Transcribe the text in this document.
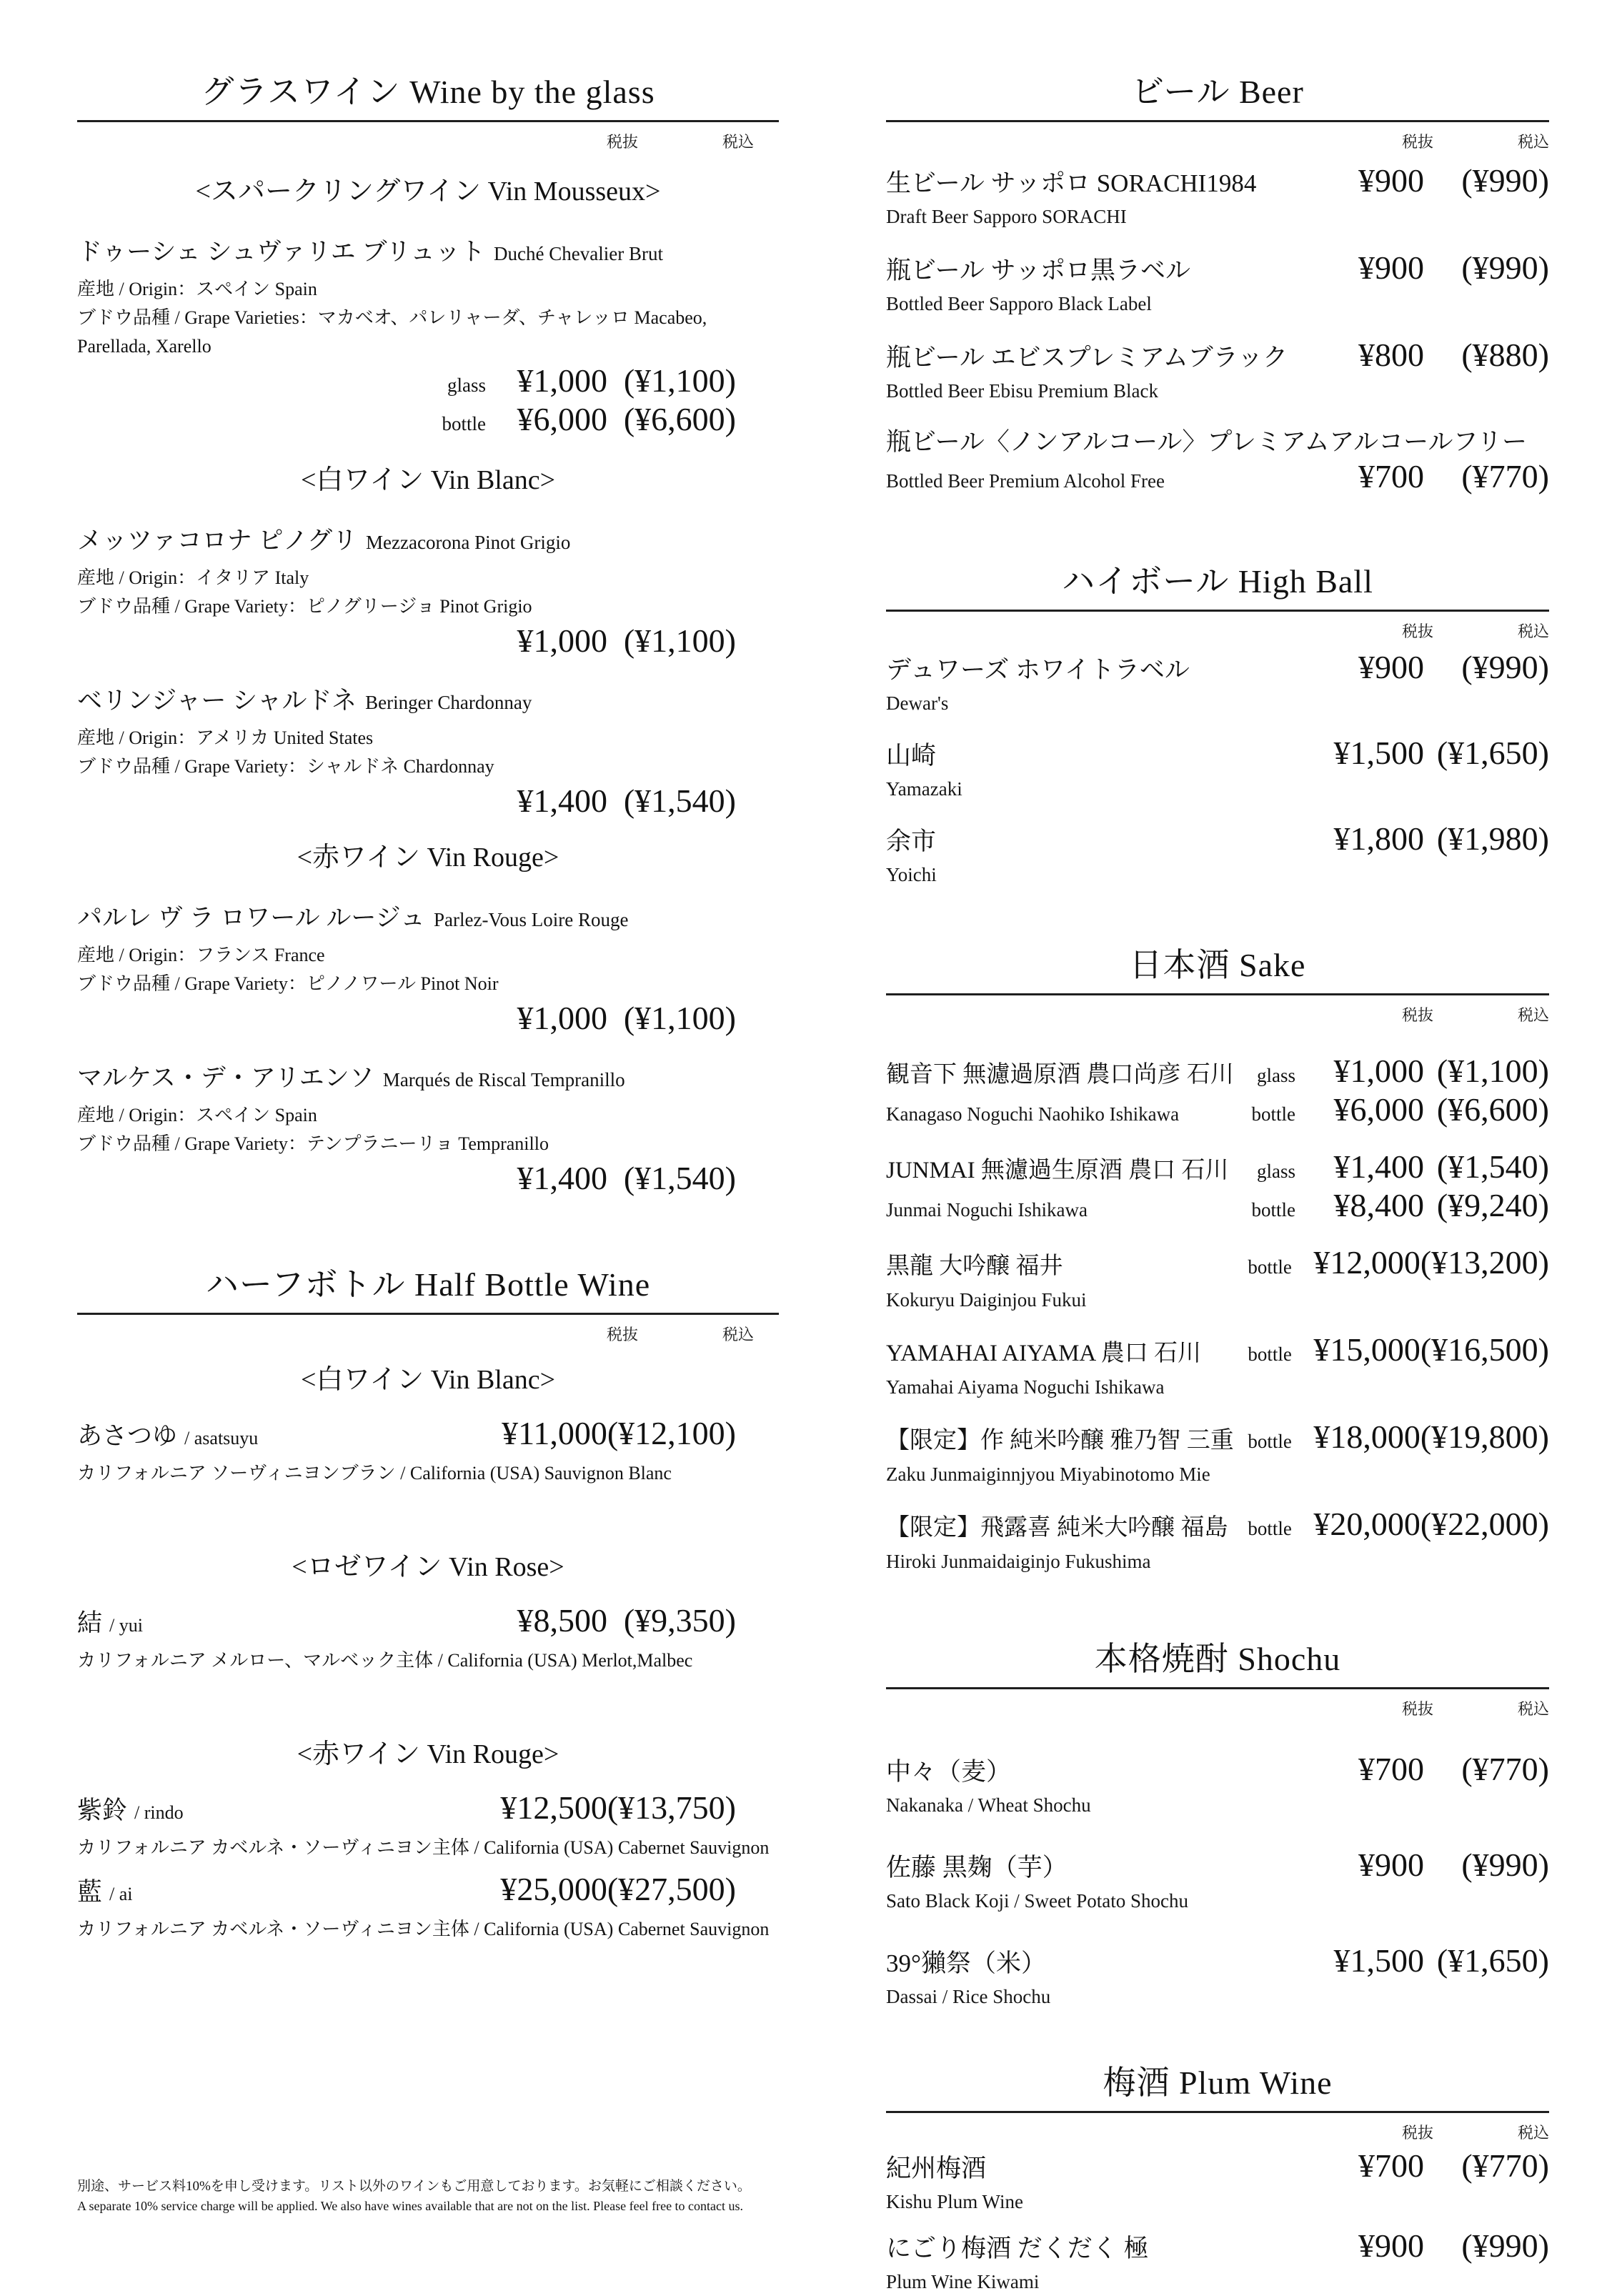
グラスワイン Wine by the glass
税抜	税込
<スパークリングワイン Vin Mousseux>
ドゥーシェ シュヴァリエ ブリュット Duché Chevalier Brut
産地 / Origin：スペイン Spain
ブドウ品種 / Grape Varieties：マカベオ、パレリャーダ、チャレッロ Macabeo,
Parellada, Xarello
glass ¥1,000 (¥1,100)
bottle ¥6,000 (¥6,600)
<白ワイン Vin Blanc>
メッツァコロナ ピノグリ Mezzacorona Pinot Grigio
産地 / Origin：イタリア Italy
ブドウ品種 / Grape Variety：ピノグリージョ Pinot Grigio
¥1,000 (¥1,100)
ベリンジャー シャルドネ Beringer Chardonnay
産地 / Origin：アメリカ United States
ブドウ品種 / Grape Variety：シャルドネ Chardonnay
¥1,400 (¥1,540)
<赤ワイン Vin Rouge>
パルレ ヴ ラ ロワール ルージュ Parlez-Vous Loire Rouge
産地 / Origin：フランス France
ブドウ品種 / Grape Variety：ピノノワール Pinot Noir
¥1,000 (¥1,100)
マルケス・デ・アリエンソ Marqués de Riscal Tempranillo
産地 / Origin：スペイン Spain
ブドウ品種 / Grape Variety：テンプラニーリョ Tempranillo
¥1,400 (¥1,540)
ハーフボトル Half Bottle Wine
税抜	税込
<白ワイン Vin Blanc>
あさつゆ / asatsuyu	¥11,000 (¥12,100)
カリフォルニア ソーヴィニヨンブラン / California (USA) Sauvignon Blanc
<ロゼワイン Vin Rose>
結 / yui	¥8,500 (¥9,350)
カリフォルニア メルロー、マルベック主体 / California (USA) Merlot,Malbec
<赤ワイン Vin Rouge>
紫鈴 / rindo	¥12,500 (¥13,750)
カリフォルニア カベルネ・ソーヴィニヨン主体 / California (USA) Cabernet Sauvignon
藍 / ai	¥25,000 (¥27,500)
カリフォルニア カベルネ・ソーヴィニヨン主体 / California (USA) Cabernet Sauvignon
ビール Beer
税抜	税込
生ビール サッポロ SORACHI1984	¥900	(¥990)
Draft Beer Sapporo SORACHI
瓶ビール サッポロ黒ラベル	¥900	(¥990)
Bottled Beer Sapporo Black Label
瓶ビール エビスプレミアムブラック	¥800	(¥880)
Bottled Beer Ebisu Premium Black
瓶ビール〈ノンアルコール〉プレミアムアルコールフリー
Bottled Beer Premium Alcohol Free	¥700	(¥770)
ハイボール High Ball
税抜	税込
デュワーズ ホワイトラベル	¥900	(¥990)
Dewar's
山崎	¥1,500 (¥1,650)
Yamazaki
余市	¥1,800 (¥1,980)
Yoichi
日本酒 Sake
税抜	税込
観音下 無濾過原酒 農口尚彦 石川	glass	¥1,000 (¥1,100)
Kanagaso Noguchi Naohiko Ishikawa	bottle	¥6,000 (¥6,600)
JUNMAI 無濾過生原酒 農口 石川	glass	¥1,400 (¥1,540)
Junmai Noguchi Ishikawa	bottle	¥8,400 (¥9,240)
黒龍 大吟醸 福井	bottle ¥12,000 (¥13,200)
Kokuryu Daiginjou Fukui
YAMAHAI AIYAMA 農口 石川	bottle ¥15,000 (¥16,500)
Yamahai Aiyama Noguchi Ishikawa
【限定】作 純米吟醸 雅乃智 三重 bottle ¥18,000 (¥19,800)
Zaku Junmaiginnjyou Miyabinotomo Mie
【限定】飛露喜 純米大吟醸 福島	bottle ¥20,000 (¥22,000)
Hiroki Junmaidaiginjo Fukushima
本格焼酎 Shochu
税抜	税込
中々（麦）	¥700	(¥770)
Nakanaka / Wheat Shochu
佐藤 黒麹（芋）	¥900	(¥990)
Sato Black Koji / Sweet Potato Shochu
39°獺祭（米）	¥1,500 (¥1,650)
Dassai / Rice Shochu
梅酒 Plum Wine
税抜	税込
紀州梅酒	¥700	(¥770)
Kishu Plum Wine
にごり梅酒 だくだく 極	¥900	(¥990)
Plum Wine Kiwami
別途、サービス料10%を申し受けます。リスト以外のワインもご用意しております。お気軽にご相談ください。
A separate 10% service charge will be applied. We also have wines available that are not on the list. Please feel free to contact us.
